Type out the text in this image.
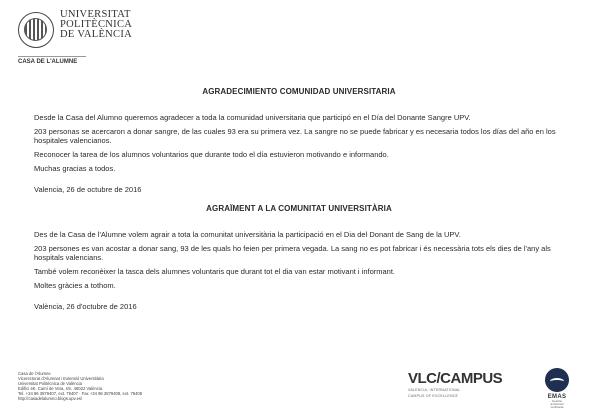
UNIVERSITAT
POLITÈCNICA
DE VALÈNCIA
CASA DE L'ALUMNE
AGRADECIMIENTO COMUNIDAD UNIVERSITARIA

Desde la Casa del Alumno queremos agradecer a toda la comunidad universitaria que participó en el Día del Donante Sangre UPV.

203 personas se acercaron a donar sangre, de las cuales 93 era su primera vez. La sangre no se puede fabricar y es necesaria todos los días del año en los hospitales valencianos.

Reconocer la tarea de los alumnos voluntarios que durante todo el día estuvieron motivando e informando.

Muchas gracias a todos.

Valencia, 26 de octubre de 2016

AGRAÏMENT A LA COMUNITAT UNIVERSITÀRIA

Des de la Casa de l'Alumne volem agrair a tota la comunitat universitària la participació en el Dia del Donant de Sang de la UPV.

203 persones es van acostar a donar sang, 93 de les quals ho feien per primera vegada. La sang no es pot fabricar i és necessària tots els dies de l'any als hospitals valencians.

També volem reconèixer la tasca dels alumnes voluntaris que durant tot el dia van estar motivant i informant.

Moltes gràcies a tothom.

València, 26 d'octubre de 2016

Casa de l'Alumne
Vicerectorat d'Alumnat i Extensió Universitària
Universitat Politècnica de València
Edifici 4K. Camí de Vera, s/n. 46022 València
Tel. +34 96 3879407, ext. 79407 · Fax +34 96 3879408, ext. 79408
http://casadelalumno.blogs.upv.es/
VLC/CAMPUS
VALENCIA, INTERNATIONAL
CAMPUS OF EXCELLENCE	EMAS
Gestión
ambiental
verificada
